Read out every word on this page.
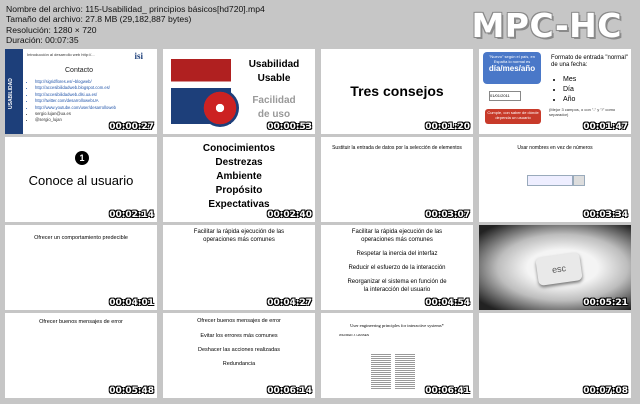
Nombre del archivo: 115-Usabilidad_ principios básicos[hd720].mp4
Tamaño del archivo: 27.8 MB (29,182,887 bytes)
Resolución: 1280 × 720
Duración: 00:07:35	MPC-HC
USABILIDAD
Introducción al desarrollo web http://...	isi
Contacto
• http://sigridflores.es/~blogweb/
• http://accesibilidadweb.blogspot.com.es/
• http://accesibilidadweb.dlsi.ua.es/
• http://twitter.com/desarrollowebUA
• http://www.youtube.com/user/desarrolloweb
• sergio.lujan@ua.es
• @sergio_lujan
00:00:27
Usabilidad
Usable
Facilidad
de uso
00:00:53
Tres consejos
00:01:20
"Nuevo" según el país, en España lo normal es
día/mes/año
01/01/2011
Cumple, con saber de dónde dependa un usuario
Formato de entrada "normal" de una fecha:
• Mes
• Día
• Año
(Mejor 3 campos, o con "-" y "/" como separador)
00:01:47
1
Conoce al usuario
00:02:14
Conocimientos
Destrezas
Ambiente
Propósito
Expectativas
00:02:40
Sustituir la entrada de datos por la selección de elementos
00:03:07
Usar nombres en vez de números
00:03:34
Ofrecer un comportamiento predecible
00:04:01
Facilitar la rápida ejecución de las
operaciones más comunes
00:04:27
Facilitar la rápida ejecución de las
operaciones más comunes
Respetar la inercia del interfaz
Reducir el esfuerzo de la interacción
Reorganizar el sistema en función de
la interacción del usuario
00:04:54
esc
00:05:21
Ofrecer buenos mensajes de error
00:05:48
Ofrecer buenos mensajes de error
Evitar los errores más comunes
Deshacer las acciones realizadas
Redundancia
00:06:14
User engineering principles for interactive systems*
WILFRED J. HANSEN
00:06:41	00:07:08
